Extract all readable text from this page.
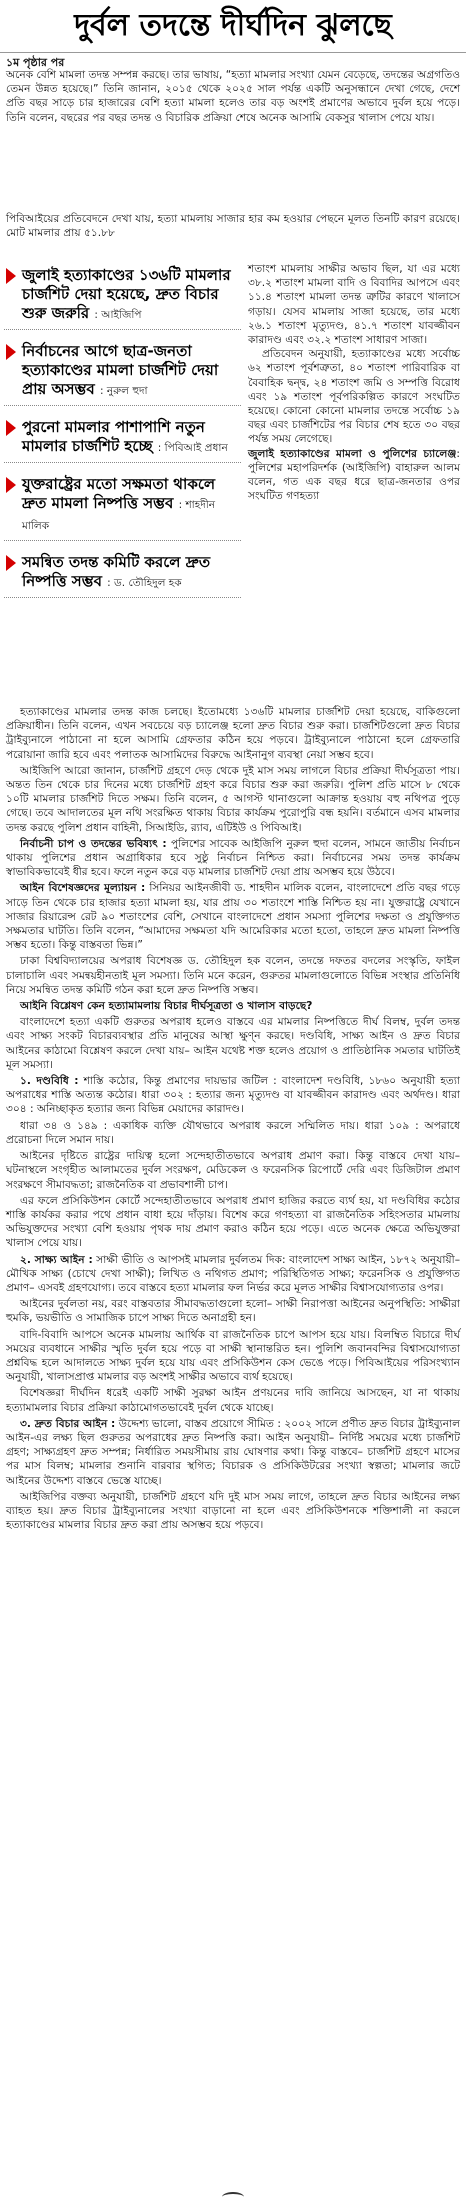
দুর্বল তদন্তে দীর্ঘদিন ঝুলছে
১ম পৃষ্ঠার পর
অনেক বেশি মামলা তদন্ত সম্পন্ন করছে। তার ভাষায়, “হত্যা মামলার সংখ্যা যেমন বেড়েছে, তদন্তের অগ্রগতিও তেমন উন্নত হয়েছে।” তিনি জানান, ২০১৫ থেকে ২০২৫ সাল পর্যন্ত একটি অনুসন্ধানে দেখা গেছে, দেশে প্রতি বছর সাড়ে চার হাজারের বেশি হত্যা মামলা হলেও তার বড় অংশই প্রমাণের অভাবে দুর্বল হয়ে পড়ে। তিনি বলেন, বছরের পর বছর তদন্ত ও বিচারিক প্রক্রিয়া শেষে অনেক আসামি বেকসুর খালাস পেয়ে যায়।
পিবিআইয়ের প্রতিবেদনে দেখা যায়, হত্যা মামলায় সাজার হার কম হওয়ার পেছনে মূলত তিনটি কারণ রয়েছে। মোট মামলার প্রায় ৫১.৮৮
জুলাই হত্যাকাণ্ডের ১৩৬টি মামলার চার্জশিট দেয়া হয়েছে, দ্রুত বিচার শুরু জরুরি : আইজিপি
নির্বাচনের আগে ছাত্র-জনতা হত্যাকাণ্ডের মামলা চার্জশিট দেয়া প্রায় অসম্ভব : নুরুল হুদা
পুরনো মামলার পাশাপাশি নতুন মামলার চার্জশিট হচ্ছে : পিবিআই প্রধান
যুক্তরাষ্ট্রের মতো সক্ষমতা থাকলে দ্রুত মামলা নিষ্পত্তি সম্ভব : শাহদীন মালিক
সমন্বিত তদন্ত কমিটি করলে দ্রুত নিষ্পত্তি সম্ভব : ড. তৌহিদুল হক
শতাংশ মামলায় সাক্ষীর অভাব ছিল, যা এর মধ্যে ৩৮.২ শতাংশ মামলা বাদি ও বিবাদির আপসে এবং ১১.৪ শতাংশ মামলা তদন্ত ত্রুটির কারণে খালাসে গড়ায়। যেসব মামলায় সাজা হয়েছে, তার মধ্যে ২৬.১ শতাংশ মৃত্যুদণ্ড, ৪১.৭ শতাংশ যাবজ্জীবন কারাদণ্ড এবং ৩২.২ শতাংশ সাধারণ সাজা।
প্রতিবেদন অনুযায়ী, হত্যাকাণ্ডের মধ্যে সর্বোচ্চ ৬২ শতাংশ পূর্বশত্রুতা, ৪০ শতাংশ পারিবারিক বা বৈবাহিক দ্বন্দ্ব, ২৪ শতাংশ জমি ও সম্পত্তি বিরোধ এবং ১৯ শতাংশ পূর্বপরিকল্পিত কারণে সংঘটিত হয়েছে। কোনো কোনো মামলার তদন্তে সর্বোচ্চ ১৯ বছর এবং চার্জশিটের পর বিচার শেষ হতে ৩০ বছর পর্যন্ত সময় লেগেছে।
জুলাই হত্যাকাণ্ডের মামলা ও পুলিশের চ্যালেঞ্জ: পুলিশের মহাপরিদর্শক (আইজিপি) বাহারুল আলম বলেন, গত এক বছর ধরে ছাত্র-জনতার ওপর সংঘটিত গণহত্যা
হত্যাকাণ্ডের মামলার তদন্ত কাজ চলছে। ইতোমধ্যে ১৩৬টি মামলার চার্জশিট দেয়া হয়েছে, বাকিগুলো প্রক্রিয়াধীন। তিনি বলেন, এখন সবচেয়ে বড় চ্যালেঞ্জ হলো দ্রুত বিচার শুরু করা। চার্জশিটগুলো দ্রুত বিচার ট্রাইব্যুনালে পাঠানো না হলে আসামি গ্রেফতার কঠিন হয়ে পড়বে। ট্রাইব্যুনালে পাঠানো হলে গ্রেফতারি পরোয়ানা জারি হবে এবং পলাতক আসামিদের বিরুদ্ধে আইনানুগ ব্যবস্থা নেয়া সম্ভব হবে।
আইজিপি আরো জানান, চার্জশিট গ্রহণে দেড় থেকে দুই মাস সময় লাগলে বিচার প্রক্রিয়া দীর্ঘসূত্রতা পায়। অন্তত তিন থেকে চার দিনের মধ্যে চার্জশিট গ্রহণ করে বিচার শুরু করা জরুরি। পুলিশ প্রতি মাসে ৮ থেকে ১০টি মামলার চার্জশিট দিতে সক্ষম। তিনি বলেন, ৫ আগস্ট থানাগুলো আক্রান্ত হওয়ায় বহু নথিপত্র পুড়ে গেছে। তবে আদালতের মূল নথি সংরক্ষিত থাকায় বিচার কার্যক্রম পুরোপুরি বন্ধ হয়নি। বর্তমানে এসব মামলার তদন্ত করছে পুলিশ প্রধান বাহিনী, সিআইডি, র‍্যাব, এটিইউ ও পিবিআই।
নির্বাচনী চাপ ও তদন্তের ভবিষ্যৎ : পুলিশের সাবেক আইজিপি নুরুল হুদা বলেন, সামনে জাতীয় নির্বাচন থাকায় পুলিশের প্রধান অগ্রাধিকার হবে সুষ্ঠু নির্বাচন নিশ্চিত করা। নির্বাচনের সময় তদন্ত কার্যক্রম স্বাভাবিকভাবেই ধীর হবে। ফলে নতুন করে বড় মামলার চার্জশিট দেয়া প্রায় অসম্ভব হয়ে উঠবে।
আইন বিশেষজ্ঞদের মূল্যায়ন : সিনিয়র আইনজীবী ড. শাহদীন মালিক বলেন, বাংলাদেশে প্রতি বছর গড়ে সাড়ে তিন থেকে চার হাজার হত্যা মামলা হয়, যার প্রায় ৩০ শতাংশে শাস্তি নিশ্চিত হয় না। যুক্তরাষ্ট্রে যেখানে সাজার রিয়ারেন্স রেট ৯০ শতাংশের বেশি, সেখানে বাংলাদেশে প্রধান সমস্যা পুলিশের দক্ষতা ও প্রযুক্তিগত সক্ষমতার ঘাটতি। তিনি বলেন, “আমাদের সক্ষমতা যদি আমেরিকার মতো হতো, তাহলে দ্রুত মামলা নিষ্পত্তি সম্ভব হতো। কিন্তু বাস্তবতা ভিন্ন।”
ঢাকা বিশ্ববিদ্যালয়ের অপরাধ বিশেষজ্ঞ ড. তৌহিদুল হক বলেন, তদন্তে দফতর বদলের সংস্কৃতি, ফাইল চালাচালি এবং সমন্বয়হীনতাই মূল সমস্যা। তিনি মনে করেন, গুরুতর মামলাগুলোতে বিভিন্ন সংস্থার প্রতিনিধি নিয়ে সমন্বিত তদন্ত কমিটি গঠন করা হলে দ্রুত নিষ্পত্তি সম্ভব।
আইনি বিশ্লেষণ কেন হত্যামামলায় বিচার দীর্ঘসূত্রতা ও খালাস বাড়ছে?
বাংলাদেশে হত্যা একটি গুরুতর অপরাধ হলেও বাস্তবে এর মামলার নিষ্পত্তিতে দীর্ঘ বিলম্ব, দুর্বল তদন্ত এবং সাক্ষ্য সংকট বিচারব্যবস্থার প্রতি মানুষের আস্থা ক্ষুণ্ন করছে। দণ্ডবিধি, সাক্ষ্য আইন ও দ্রুত বিচার আইনের কাঠামো বিশ্লেষণ করলে দেখা যায়– আইন যথেষ্ট শক্ত হলেও প্রয়োগ ও প্রাতিষ্ঠানিক সমতার ঘাটতিই মূল সমস্যা।
১. দণ্ডবিধি : শাস্তি কঠোর, কিন্তু প্রমাণের দায়ভার জটিল : বাংলাদেশ দণ্ডবিধি, ১৮৬০ অনুযায়ী হত্যা অপরাধের শাস্তি অত্যন্ত কঠোর। ধারা ৩০২ : হত্যার জন্য মৃত্যুদণ্ড বা যাবজ্জীবন কারাদণ্ড এবং অর্থদণ্ড। ধারা ৩০৪ : অনিচ্ছাকৃত হত্যার জন্য বিভিন্ন মেয়াদের কারাদণ্ড।
ধারা ৩৪ ও ১৪৯ : একাধিক ব্যক্তি যৌথভাবে অপরাধ করলে সম্মিলিত দায়। ধারা ১০৯ : অপরাধে প্ররোচনা দিলে সমান দায়।
আইনের দৃষ্টিতে রাষ্ট্রের দায়িত্ব হলো সন্দেহাতীতভাবে অপরাধ প্রমাণ করা। কিন্তু বাস্তবে দেখা যায়– ঘটনাস্থলে সংগৃহীত আলামতের দুর্বল সংরক্ষণ, মেডিকেল ও ফরেনসিক রিপোর্টে দেরি এবং ডিজিটাল প্রমাণ সংরক্ষণে সীমাবদ্ধতা; রাজনৈতিক বা প্রভাবশালী চাপ।
এর ফলে প্রসিকিউশন কোর্টে সন্দেহাতীতভাবে অপরাধ প্রমাণ হাজির করতে ব্যর্থ হয়, যা দণ্ডবিধির কঠোর শাস্তি কার্যকর করার পথে প্রধান বাধা হয়ে দাঁড়ায়। বিশেষ করে গণহত্যা বা রাজনৈতিক সহিংসতার মামলায় অভিযুক্তদের সংখ্যা বেশি হওয়ায় পৃথক দায় প্রমাণ করাও কঠিন হয়ে পড়ে। এতে অনেক ক্ষেত্রে অভিযুক্তরা খালাস পেয়ে যায়।
২. সাক্ষ্য আইন : সাক্ষী ভীতি ও আপসই মামলার দুর্বলতম দিক: বাংলাদেশ সাক্ষ্য আইন, ১৮৭২ অনুযায়ী– মৌখিক সাক্ষ্য (চোখে দেখা সাক্ষী); লিখিত ও নথিগত প্রমাণ; পরিস্থিতিগত সাক্ষ্য; ফরেনসিক ও প্রযুক্তিগত প্রমাণ– এসবই গ্রহণযোগ্য। তবে বাস্তবে হত্যা মামলার ফল নির্ভর করে মূলত সাক্ষীর বিশ্বাসযোগ্যতার ওপর।
আইনের দুর্বলতা নয়, বরং বাস্তবতার সীমাবদ্ধতাগুলো হলো– সাক্ষী নিরাপত্তা আইনের অনুপস্থিতি: সাক্ষীরা হুমকি, ভয়ভীতি ও সামাজিক চাপে সাক্ষ্য দিতে অনাগ্রহী হন।
বাদি-বিবাদি আপসে অনেক মামলায় আর্থিক বা রাজনৈতিক চাপে আপস হয়ে যায়। বিলম্বিত বিচারে দীর্ঘ সময়ের ব্যবধানে সাক্ষীর স্মৃতি দুর্বল হয়ে পড়ে বা সাক্ষী স্থানান্তরিত হন। পুলিশি জবানবন্দির বিশ্বাসযোগ্যতা প্রশ্নবিদ্ধ হলে আদালতে সাক্ষ্য দুর্বল হয়ে যায় এবং প্রসিকিউশন কেস ভেঙে পড়ে। পিবিআইয়ের পরিসংখ্যান অনুযায়ী, খালাসপ্রাপ্ত মামলার বড় অংশই সাক্ষীর অভাবে ব্যর্থ হয়েছে।
বিশেষজ্ঞরা দীর্ঘদিন ধরেই একটি সাক্ষী সুরক্ষা আইন প্রণয়নের দাবি জানিয়ে আসছেন, যা না থাকায় হত্যামামলার বিচার প্রক্রিয়া কাঠামোগতভাবেই দুর্বল থেকে যাচ্ছে।
৩. দ্রুত বিচার আইন : উদ্দেশ্য ভালো, বাস্তব প্রয়োগে সীমিত : ২০০২ সালে প্রণীত দ্রুত বিচার ট্রাইব্যুনাল আইন-এর লক্ষ্য ছিল গুরুতর অপরাধের দ্রুত নিষ্পত্তি করা। আইন অনুযায়ী– নির্দিষ্ট সময়ের মধ্যে চার্জশিট গ্রহণ; সাক্ষ্যগ্রহণ দ্রুত সম্পন্ন; নির্ধারিত সময়সীমায় রায় ঘোষণার কথা। কিন্তু বাস্তবে– চার্জশিট গ্রহণে মাসের পর মাস বিলম্ব; মামলার শুনানি বারবার স্থগিত; বিচারক ও প্রসিকিউটরের সংখ্যা স্বল্পতা; মামলার জটে আইনের উদ্দেশ্য বাস্তবে ভেস্তে যাচ্ছে।
আইজিপির বক্তব্য অনুযায়ী, চার্জশিট গ্রহণে যদি দুই মাস সময় লাগে, তাহলে দ্রুত বিচার আইনের লক্ষ্য ব্যাহত হয়। দ্রুত বিচার ট্রাইব্যুনালের সংখ্যা বাড়ানো না হলে এবং প্রসিকিউশনকে শক্তিশালী না করলে হত্যাকাণ্ডের মামলার বিচার দ্রুত করা প্রায় অসম্ভব হয়ে পড়বে।
